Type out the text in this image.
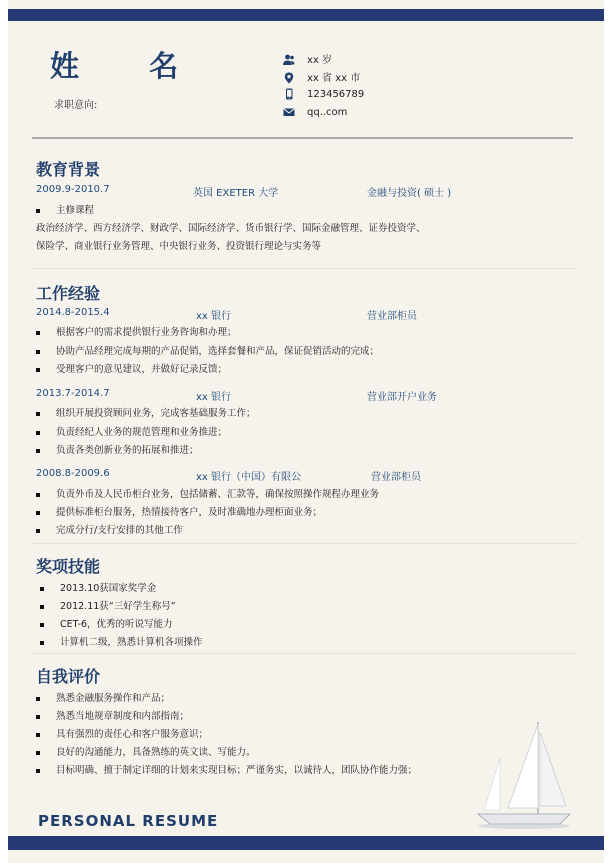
姓 名
求职意向:
xx 岁
xx 省 xx 市
123456789
qq..com
教育背景
2009.9-2010.7	英国 EXETER 大学	金融与投资( 硕士 )
主修课程
政治经济学、西方经济学、财政学、国际经济学、货币银行学、国际金融管理、证券投资学、
保险学、商业银行业务管理、中央银行业务、投资银行理论与实务等
工作经验
2014.8-2015.4	xx 银行	营业部柜员
根据客户的需求提供银行业务咨询和办理；
协助产品经理完成每期的产品促销，选择套餐和产品，保证促销活动的完成；
受理客户的意见建议，并做好记录反馈；
2013.7-2014.7	xx 银行	营业部开户业务
组织开展投资顾问业务，完成客基础服务工作；
负责经纪人业务的规范管理和业务推进；
负责各类创新业务的拓展和推进；
2008.8-2009.6	xx 银行（中国）有限公	营业部柜员
负责外币及人民币柜台业务，包括储蓄、汇款等，确保按照操作规程办理业务
提供标准柜台服务，热情接待客户，及时准确地办理柜面业务；
完成分行/支行安排的其他工作
奖项技能
2013.10获国家奖学金
2012.11获“三好学生称号”
CET-6，优秀的听说写能力
计算机二级，熟悉计算机各项操作
自我评价
熟悉金融服务操作和产品；
熟悉当地规章制度和内部指南；
具有强烈的责任心和客户服务意识；
良好的沟通能力，具备熟练的英文读、写能力。
目标明确、擅于制定详细的计划来实现目标；严谨务实，以诚待人，团队协作能力强；
PERSONAL RESUME
